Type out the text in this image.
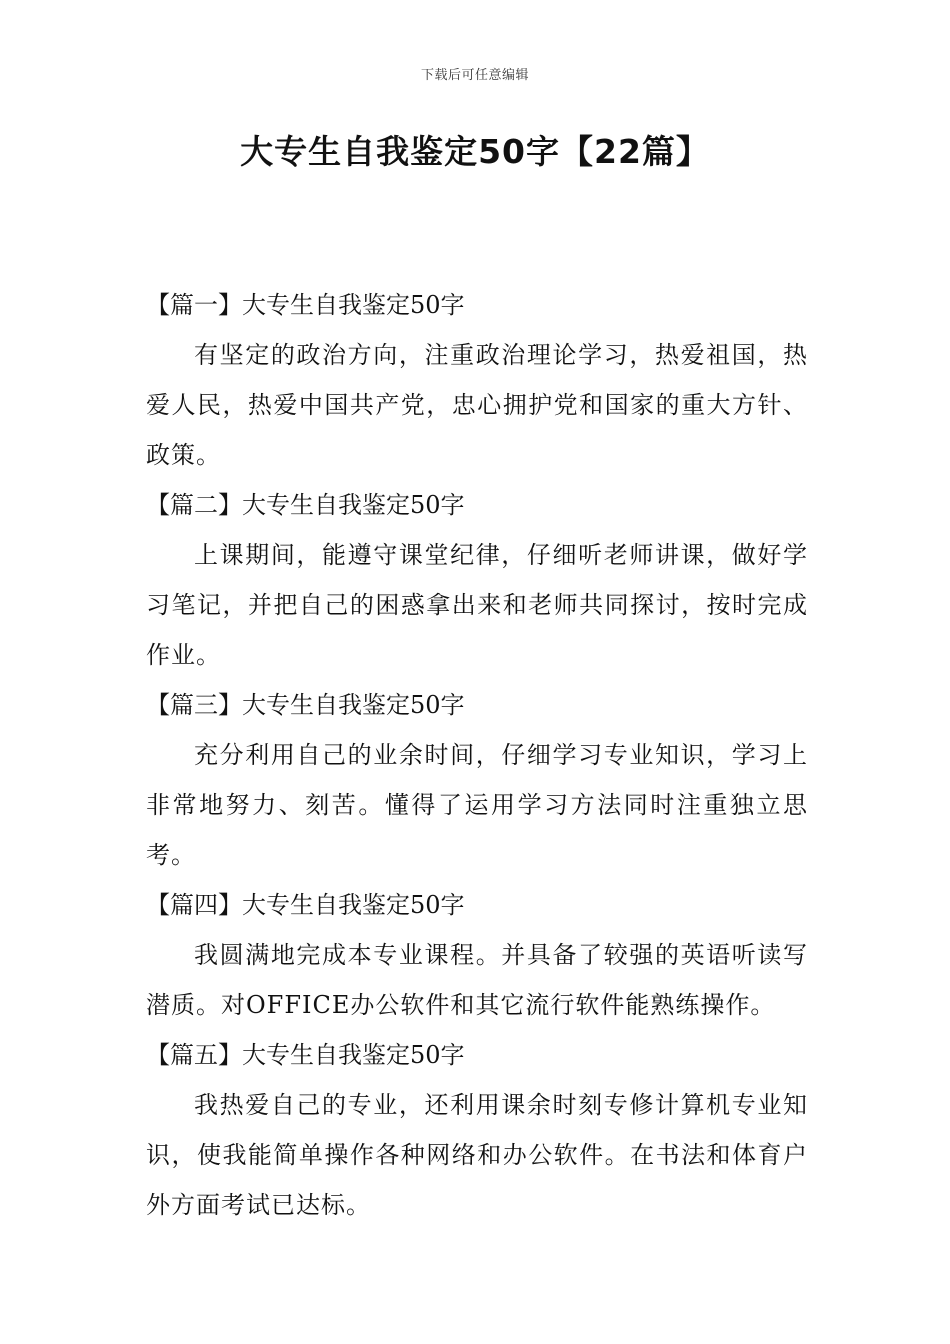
下载后可任意编辑
大专生自我鉴定50字【22篇】

【篇一】大专生自我鉴定50字

有坚定的政治方向，注重政治理论学习，热爱祖国，热爱人民，热爱中国共产党，忠心拥护党和国家的重大方针、政策。

【篇二】大专生自我鉴定50字

上课期间，能遵守课堂纪律，仔细听老师讲课，做好学习笔记，并把自己的困惑拿出来和老师共同探讨，按时完成作业。

【篇三】大专生自我鉴定50字

充分利用自己的业余时间，仔细学习专业知识，学习上非常地努力、刻苦。懂得了运用学习方法同时注重独立思考。

【篇四】大专生自我鉴定50字

我圆满地完成本专业课程。并具备了较强的英语听读写潜质。对OFFICE办公软件和其它流行软件能熟练操作。

【篇五】大专生自我鉴定50字

我热爱自己的专业，还利用课余时刻专修计算机专业知识，使我能简单操作各种网络和办公软件。在书法和体育户外方面考试已达标。
